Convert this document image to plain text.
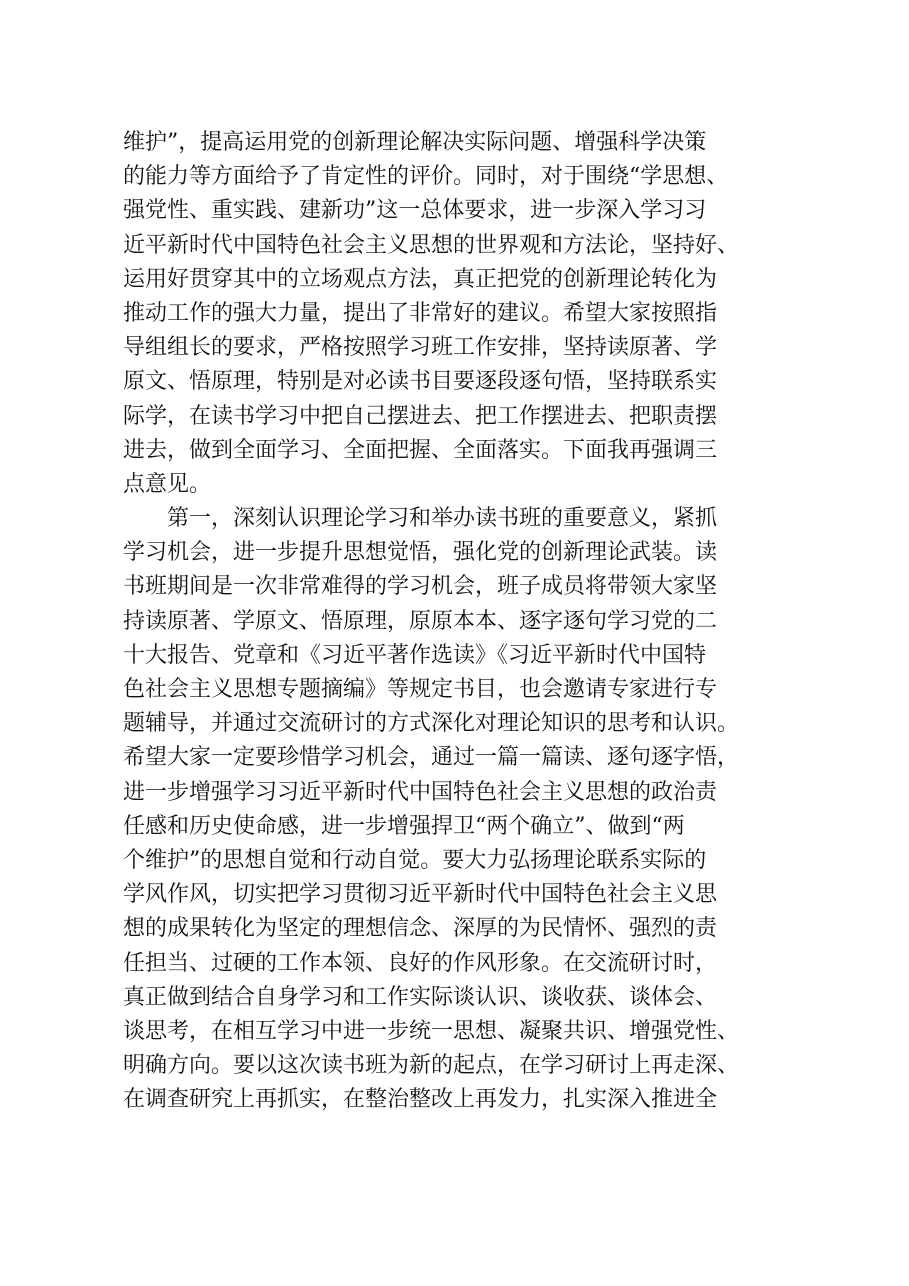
维护”，提高运用党的创新理论解决实际问题、增强科学决策
的能力等方面给予了肯定性的评价。同时，对于围绕“学思想、
强党性、重实践、建新功”这一总体要求，进一步深入学习习
近平新时代中国特色社会主义思想的世界观和方法论，坚持好、
运用好贯穿其中的立场观点方法，真正把党的创新理论转化为
推动工作的强大力量，提出了非常好的建议。希望大家按照指
导组组长的要求，严格按照学习班工作安排，坚持读原著、学
原文、悟原理，特别是对必读书目要逐段逐句悟，坚持联系实
际学，在读书学习中把自己摆进去、把工作摆进去、把职责摆
进去，做到全面学习、全面把握、全面落实。下面我再强调三
点意见。
第一，深刻认识理论学习和举办读书班的重要意义，紧抓
学习机会，进一步提升思想觉悟，强化党的创新理论武装。读
书班期间是一次非常难得的学习机会，班子成员将带领大家坚
持读原著、学原文、悟原理，原原本本、逐字逐句学习党的二
十大报告、党章和《习近平著作选读》《习近平新时代中国特
色社会主义思想专题摘编》等规定书目，也会邀请专家进行专
题辅导，并通过交流研讨的方式深化对理论知识的思考和认识。
希望大家一定要珍惜学习机会，通过一篇一篇读、逐句逐字悟，
进一步增强学习习近平新时代中国特色社会主义思想的政治责
任感和历史使命感，进一步增强捍卫“两个确立”、做到“两
个维护”的思想自觉和行动自觉。要大力弘扬理论联系实际的
学风作风，切实把学习贯彻习近平新时代中国特色社会主义思
想的成果转化为坚定的理想信念、深厚的为民情怀、强烈的责
任担当、过硬的工作本领、良好的作风形象。在交流研讨时，
真正做到结合自身学习和工作实际谈认识、谈收获、谈体会、
谈思考，在相互学习中进一步统一思想、凝聚共识、增强党性、
明确方向。要以这次读书班为新的起点，在学习研讨上再走深、
在调查研究上再抓实，在整治整改上再发力，扎实深入推进全
